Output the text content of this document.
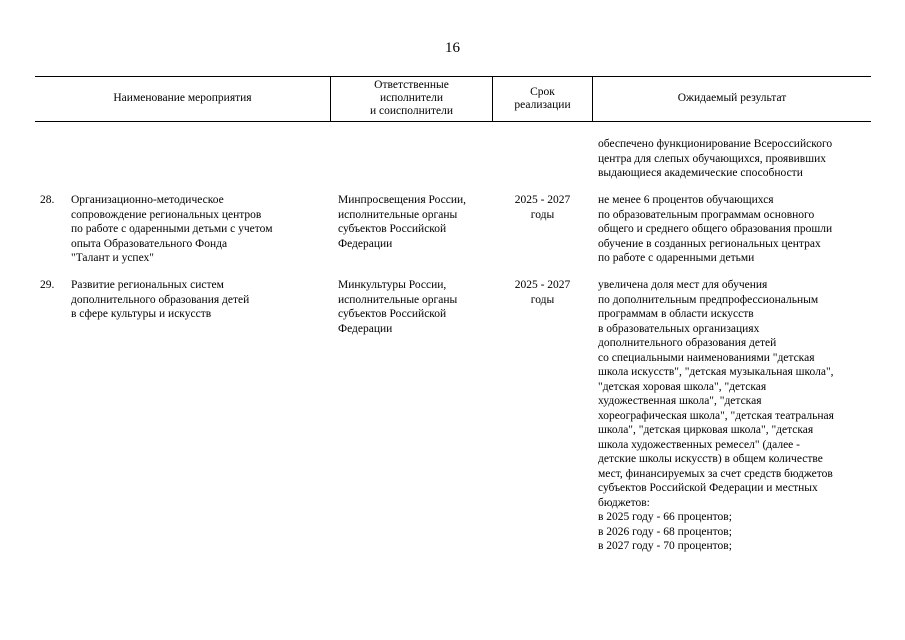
16
Наименование мероприятия
Ответственные
исполнители
и соисполнители
Срок
реализации
Ожидаемый результат
обеспечено функционирование Всероссийского
центра для слепых обучающихся, проявивших
выдающиеся академические способности
28.	Организационно-методическое
сопровождение региональных центров
по работе с одаренными детьми с учетом
опыта Образовательного Фонда
"Талант и успех"
Минпросвещения России,
исполнительные органы
субъектов Российской
Федерации
2025 - 2027
годы
не менее 6 процентов обучающихся
по образовательным программам основного
общего и среднего общего образования прошли
обучение в созданных региональных центрах
по работе с одаренными детьми
29.	Развитие региональных систем
дополнительного образования детей
в сфере культуры и искусств
Минкультуры России,
исполнительные органы
субъектов Российской
Федерации
2025 - 2027
годы
увеличена доля мест для обучения
по дополнительным предпрофессиональным
программам в области искусств
в образовательных организациях
дополнительного образования детей
со специальными наименованиями "детская
школа искусств", "детская музыкальная школа",
"детская хоровая школа", "детская
художественная школа", "детская
хореографическая школа", "детская театральная
школа", "детская цирковая школа", "детская
школа художественных ремесел" (далее -
детские школы искусств) в общем количестве
мест, финансируемых за счет средств бюджетов
субъектов Российской Федерации и местных
бюджетов:
в 2025 году - 66 процентов;
в 2026 году - 68 процентов;
в 2027 году - 70 процентов;
